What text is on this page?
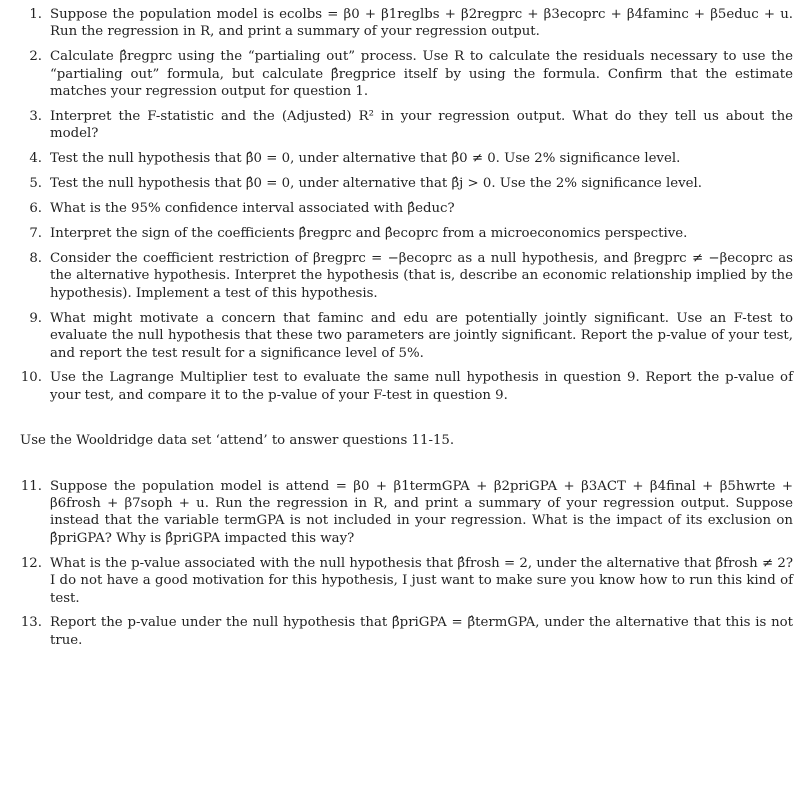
1. Suppose the population model is ecolbs = β0 + β1reglbs + β2regprc + β3ecoprc + β4faminc + β5educ + u. Run the regression in R, and print a summary of your regression output.
2. Calculate β̂regprc using the “partialing out” process. Use R to calculate the residuals necessary to use the “partialing out” formula, but calculate β̂regprice itself by using the formula. Confirm that the estimate matches your regression output for question 1.
3. Interpret the F-statistic and the (Adjusted) R² in your regression output. What do they tell us about the model?
4. Test the null hypothesis that β̂0 = 0, under alternative that β̂0 ≠ 0. Use 2% significance level.
5. Test the null hypothesis that β̂0 = 0, under alternative that β̂j > 0. Use the 2% significance level.
6. What is the 95% confidence interval associated with β̂educ?
7. Interpret the sign of the coefficients β̂regprc and β̂ecoprc from a microeconomics perspective.
8. Consider the coefficient restriction of βregprc = −βecoprc as a null hypothesis, and βregprc ≠ −βecoprc as the alternative hypothesis. Interpret the hypothesis (that is, describe an economic relationship implied by the hypothesis). Implement a test of this hypothesis.
9. What might motivate a concern that faminc and edu are potentially jointly significant. Use an F-test to evaluate the null hypothesis that these two parameters are jointly significant. Report the p-value of your test, and report the test result for a significance level of 5%.
10. Use the Lagrange Multiplier test to evaluate the same null hypothesis in question 9. Report the p-value of your test, and compare it to the p-value of your F-test in question 9.
Use the Wooldridge data set ‘attend’ to answer questions 11-15.
11. Suppose the population model is attend = β0 + β1termGPA + β2priGPA + β3ACT + β4final + β5hwrte + β6frosh + β7soph + u. Run the regression in R, and print a summary of your regression output. Suppose instead that the variable termGPA is not included in your regression. What is the impact of its exclusion on β̂priGPA? Why is β̂priGPA impacted this way?
12. What is the p-value associated with the null hypothesis that β̂frosh = 2, under the alternative that β̂frosh ≠ 2? I do not have a good motivation for this hypothesis, I just want to make sure you know how to run this kind of test.
13. Report the p-value under the null hypothesis that β̂priGPA = β̂termGPA, under the alternative that this is not true.
